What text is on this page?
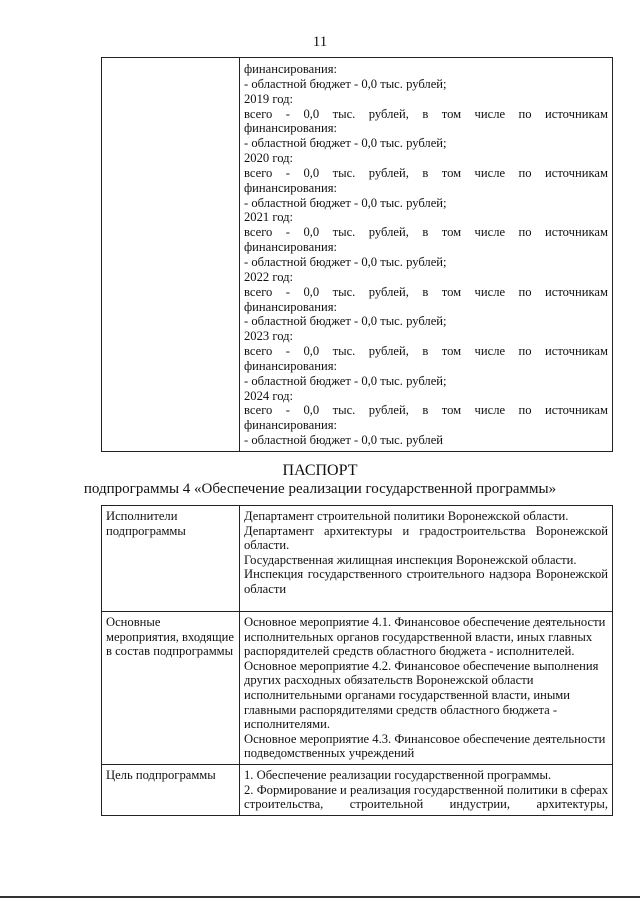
11

финансирования:
- областной бюджет - 0,0 тыс. рублей;
2019 год:
всего - 0,0 тыс. рублей, в том числе по источникам
финансирования:
- областной бюджет - 0,0 тыс. рублей;
2020 год:
всего - 0,0 тыс. рублей, в том числе по источникам
финансирования:
- областной бюджет - 0,0 тыс. рублей;
2021 год:
всего - 0,0 тыс. рублей, в том числе по источникам
финансирования:
- областной бюджет - 0,0 тыс. рублей;
2022 год:
всего - 0,0 тыс. рублей, в том числе по источникам
финансирования:
- областной бюджет - 0,0 тыс. рублей;
2023 год:
всего - 0,0 тыс. рублей, в том числе по источникам
финансирования:
- областной бюджет - 0,0 тыс. рублей;
2024 год:
всего - 0,0 тыс. рублей, в том числе по источникам
финансирования:
- областной бюджет - 0,0 тыс. рублей
ПАСПОРТ
подпрограммы 4 «Обеспечение реализации государственной программы»
Исполнители подпрограммы	Департамент строительной политики Воронежской области.

Департамент архитектуры и градостроительства Воронежской области.

Государственная жилищная инспекция Воронежской области.

Инспекция государственного строительного надзора Воронежской области

Основные мероприятия, входящие в состав подпрограммы	Основное мероприятие 4.1. Финансовое обеспечение деятельности исполнительных органов государственной власти, иных главных распорядителей средств областного бюджета - исполнителей.

Основное мероприятие 4.2. Финансовое обеспечение выполнения других расходных обязательств Воронежской области исполнительными органами государственной власти, иными главными распорядителями средств областного бюджета - исполнителями.

Основное мероприятие 4.3. Финансовое обеспечение деятельности подведомственных учреждений

Цель подпрограммы	1. Обеспечение реализации государственной программы.

2. Формирование и реализация государственной политики в сферах строительства, строительной индустрии, архитектуры,
